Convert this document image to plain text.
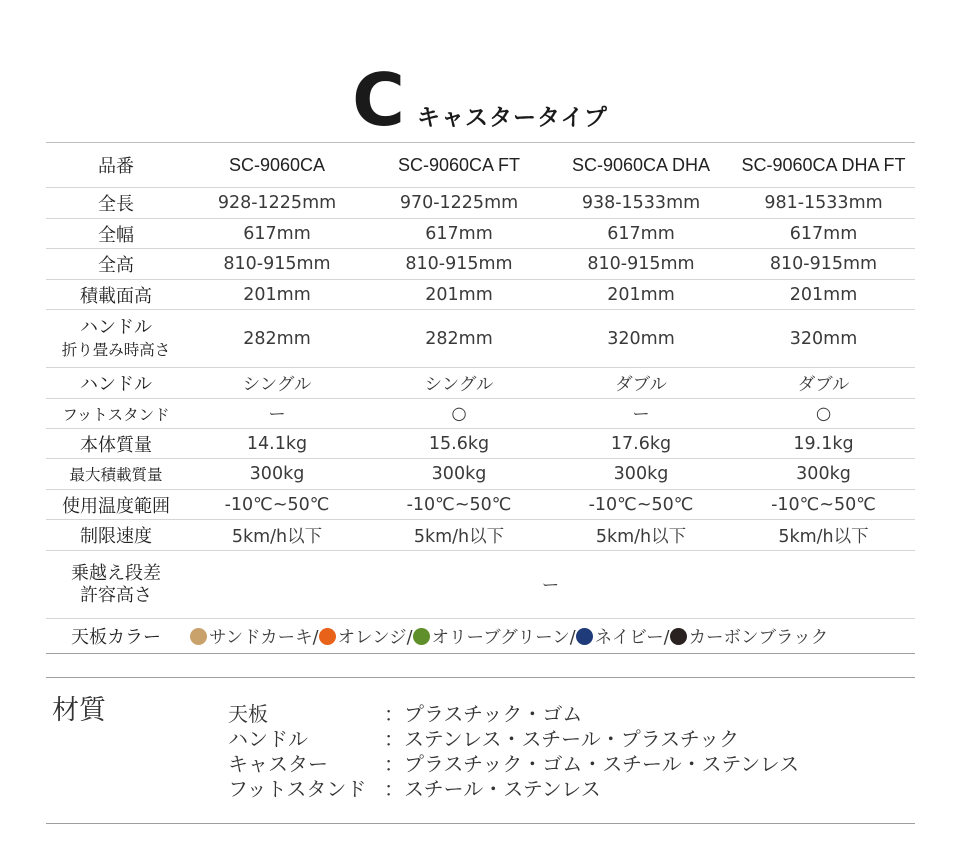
Cキャスタータイプ
品番	SC-9060CA	SC-9060CA FT	SC-9060CA DHA	SC-9060CA DHA FT
全長	928-1225mm	970-1225mm	938-1533mm	981-1533mm
全幅	617mm	617mm	617mm	617mm
全高	810-915mm	810-915mm	810-915mm	810-915mm
積載面高	201mm	201mm	201mm	201mm

ハンドル
折り畳み時高さ	282mm	282mm	320mm	320mm
ハンドル	シングル	シングル	ダブル	ダブル
フットスタンド	ー	○	ー	○
本体質量	14.1kg	15.6kg	17.6kg	19.1kg
最大積載質量	300kg	300kg	300kg	300kg
使用温度範囲	-10℃~50℃	-10℃~50℃	-10℃~50℃	-10℃~50℃
制限速度	5km/h以下	5km/h以下	5km/h以下	5km/h以下

乗越え段差
許容高さ	ー			
天板カラー	サンドカーキ/ オレンジ/ オリーブグリーン/ ネイビー/ カーボンブラック			
材質	天板	：プラスチック・ゴム
ハンドル	：ステンレス・スチール・プラスチック
キャスター	：プラスチック・ゴム・スチール・ステンレス
フットスタンド ：スチール・ステンレス
